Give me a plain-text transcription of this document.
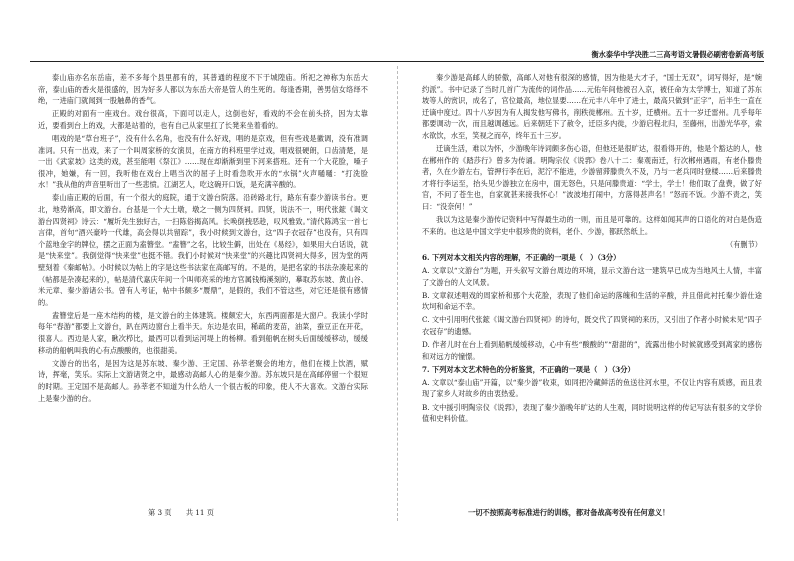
衡水泰华中学决胜二三高考语文暑假必刷密卷新高考版

泰山庙亦名东岳庙，差不多每个县里都有的，其普通的程度不下于城隍庙。所祀之神称为东岳大帝，泰山庙的香火是很盛的，因为好多人都以为东岳大帝是管人的生死的。每逢香期，善男信女络绎不绝，一进庙门就闻到一股触鼻的香气。

正殿的对面有一座戏台。戏台很高，下面可以走人，这倒也好，看戏的不会在前头挤，因为太靠近，要看到台上的戏，大都是站着的，也有自己从家里扛了长凳来坐着看的。

唱戏的是“草台班子”，没有什么名角，也没有什么好戏，唱的是京戏，但有些戏是徽调，没有准调准词。只有一出戏，来了一个叫周家桥的女演员，在南方的科班里学过戏，唱戏很硬朗，口齿清楚，是一出《武家坡》这类的戏，甚至能唱《祭江》……现在却渐渐到里下河来搭班。还有一个大花脸，嗓子很冲，她嫌，有一回，我听他在戏台上唱当次的屈子上时看急吹开水的“水锅”火声嗵嗵：“打洗脸水！”我从他的声音里听出了一些悲愤。江湖艺人，吃这碗开口饭，是充满辛酸的。

泰山庙正殿的后面，有一个很大的庭院，通于文游台院落。沿砖路北行，路东有泰少游读书台。更北，地势渐高，即文游台。台基是一个大土墩，墩之一侧为四贤祠。四贤，说法不一，明代张鋐《谒文游台四贤祠》诗云：“履圻先生独好古，一扫陈俗揭高风。长唤倒拽恶趁，叹风雅致。”清代陈鸿宝一首七言律，首句“酒兴豪吟一代雄，高会得以共留踪”，我小时候到文游台，这“四子衣冠存”也没有，只有四个蓝地金字的牌位，摆之正面为盍簪堂。“盍簪”之名，比较生僻，出处在《易经》，如果用大白话说，就是“快来堂”。我倒觉得“快来堂”也挺不错。我们小时候对“快来堂”的兴趣比四贤祠大得多，因为堂的两壁刻着《秦邮帖》。小时候以为帖上的字是这些书法家在高邮写的。不是的，是把名家的书法杂凑起来的（帖都是杂凑起来的），帖是清代嘉庆年间一个叫师亮采的地方官属钱梅溪刻的，摹取苏东坡、黄山谷、米元章、秦少游诸公书。曾有人考证，帖中书颇多“赝鼎”，是假的，我们不管这些，对它还是很有感情的。

盍簪堂后是一座木结构的楼，是文游台的主体建筑。楼颇宏大，东西两面都是大窗户。我读小学时每年“春游”都要上文游台，趴在两边窗台上看半天。东边是农田，稀疏的麦苗，油菜，蚕豆正在开花，很喜人。西边是人家，瞅次栉比，最西可以看到运河堤上的杨柳。看到船帆在树头后面缓缓移动，缓缓移动的船帆叫我的心有点酸酸的，也很甜美。

文游台的出名，是因为这是苏东坡、秦少游、王定国、孙莘老聚会的地方，他们在楼上饮酒，赋诗，挥毫，笑乐。实际上文游诸贤之中，最感动高邮人心的是秦少游。苏东坡只是在高邮停留一个很短的时期。王定国不是高邮人。孙莘老不知道为什么给人一个很古板的印象，使人不大喜欢。文游台实际上是秦少游的台。

秦少游是高邮人的骄傲，高邮人对他有很深的感情，因为他是大才子，“国士无双”，词写得好，是“婉约派”。书中记录了当时几首广为流传的词作品……元佑年间他被召入京，被任命为太学博士，知道了苏东坡等人的赏识，成名了，官位最高，地位显要……在元丰八年中了进士，最高只做到“正字”，后半生一直在迁谪中度过。四十八岁因为有人揭发他写佛书，削秩徙郴州。五十岁，迁横州。五十一岁迁雷州。几乎每年都要调动一次，而且越调越远。后来朝廷下了赦令，迁臣多内徙，少游启程北归，至藤州，出游光华亭，索水欲饮，水至，笑视之而卒，终年五十三岁。

迁谪生活，难以为怀，少游晚年诗词颇多伤心语，但他还是很旷达，很看得开的，他是个豁达的人，他在郴州作的《踏莎行》曾多为传诵。明陶宗仪《说郛》卷八十二：秦观南迁，行次郴州遇雨，有老仆滕贵者，久在少游左右，管押行李在后，泥泞不能进，少游留滞滕贵久不及，乃与一老兵同时登楼……后来滕贵才将行李运至，抬头见少游独立在房中，面无怒色，只是问滕贵道：“学士，学士！他们取了盘费，做了好官，不问了苍生也，自家就甚来接我怀心！”波波地打闹中，方落得甚声名！”怒而不饭。少游不责之，笑曰：“没奈何！”

我以为这是秦少游传记资料中写得最生动的一则，而且是可靠的。这样如闻其声的口语化的对白是伪造不来的。也这是中国文学史中很珍贵的资料，老仆、少游，都跃然纸上。

（有删节）

6. 下列对本文相关内容的理解，不正确的一项是（　）（3分）

A. 文章以“文游台”为题，开头叙写文游台周边的环境，显示文游台这一建筑早已成为当地风土人情，丰富了文游台的人文风景。

B. 文章叙述唱戏的周家桥和那个大花脸，表现了他们命运的落魄和生活的辛酸，并且借此衬托秦少游仕途坎坷和命运不幸。

C. 文中引用明代张鋐《谒文游台四贤祠》的诗句，既交代了四贤祠的来历，又引出了作者小时候未见“四子衣冠存”的遗憾。

D. 作者儿时在台上看到船帆缓缓移动，心中有些“酸酸的”“甜甜的”，流露出他小时候就感受到离家的感伤和对远方的憧憬。

7. 下列对本文艺术特色的分析鉴赏，不正确的一项是（　）（3分）

A. 文章以“泰山庙”开篇，以“秦少游”收束，如同把冷藏鲜活的鱼送往河水里，不仅让内容有质感，而且表现了家乡人对故乡的由衷热爱。

B. 文中援引明陶宗仪《说郛》，表现了秦少游晚年旷达的人生观，同时说明这样的传记写法有很多的文学价值和史料价值。

第 3 页 共 11 页	一切不按照高考标准进行的训练，都对备战高考没有任何意义！
